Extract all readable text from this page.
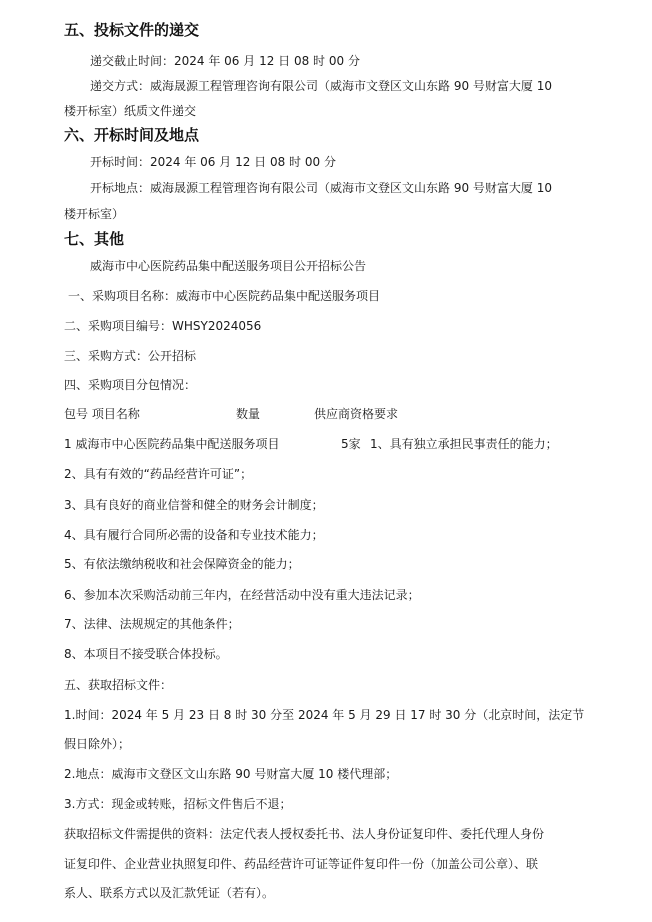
五、投标文件的递交
递交截止时间：2024 年 06 月 12 日 08 时 00 分
递交方式：威海晟源工程管理咨询有限公司（威海市文登区文山东路 90 号财富大厦 10
楼开标室）纸质文件递交
六、开标时间及地点
开标时间：2024 年 06 月 12 日 08 时 00 分
开标地点：威海晟源工程管理咨询有限公司（威海市文登区文山东路 90 号财富大厦 10
楼开标室）
七、其他
威海市中心医院药品集中配送服务项目公开招标公告
一、采购项目名称：威海市中心医院药品集中配送服务项目
二、采购项目编号：WHSY2024056
三、采购方式：公开招标
四、采购项目分包情况：
包号 项目名称	数量	供应商资格要求
1 威海市中心医院药品集中配送服务项目	5家 1、具有独立承担民事责任的能力；
2、具有有效的“药品经营许可证”；
3、具有良好的商业信誉和健全的财务会计制度；
4、具有履行合同所必需的设备和专业技术能力；
5、有依法缴纳税收和社会保障资金的能力；
6、参加本次采购活动前三年内，在经营活动中没有重大违法记录；
7、法律、法规规定的其他条件；
8、本项目不接受联合体投标。
五、获取招标文件：
1.时间：2024 年 5 月 23 日 8 时 30 分至 2024 年 5 月 29 日 17 时 30 分（北京时间，法定节
假日除外）；
2.地点：威海市文登区文山东路 90 号财富大厦 10 楼代理部；
3.方式：现金或转账，招标文件售后不退；
获取招标文件需提供的资料：法定代表人授权委托书、法人身份证复印件、委托代理人身份
证复印件、企业营业执照复印件、药品经营许可证等证件复印件一份（加盖公司公章）、联
系人、联系方式以及汇款凭证（若有）。
